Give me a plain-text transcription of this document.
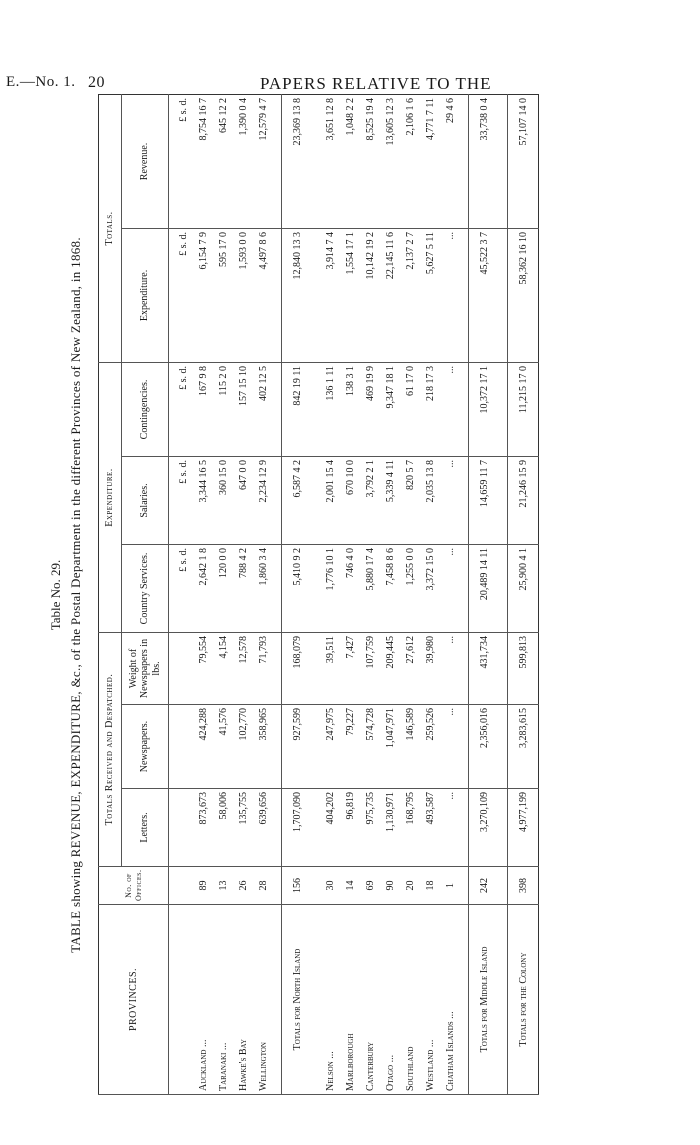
E.—No. 1. 20	PAPERS RELATIVE TO THE
Table No. 29. TABLE showing REVENUE, EXPENDITURE, &c., of the Postal Department in the different Provinces of New Zealand, in 1868.
PROVINCES.	No. of Offices.	Totals Received and Despatched.			Expenditure.			Totals.	
		Letters.	Newspapers.	Weight of Newspapers in lbs.	Country Services.	Salaries.	Contingencies.	Expenditure.	Revenue.
					£ s. d.	£ s. d.	£ s. d.	£ s. d.	£ s. d.
Auckland ...	89	873,673	424,288	79,554	2,642 1 8	3,344 16 5	167 9 8	6,154 7 9	8,754 16 7
Taranaki ...	13	58,006	41,576	4,154	120 0 0	360 15 0	115 2 0	595 17 0	645 12 2
Hawke's Bay	26	135,755	102,770	12,578	788 4 2	647 0 0	157 15 10	1,593 0 0	1,390 0 4
Wellington	28	639,656	358,965	71,793	1,860 3 4	2,234 12 9	402 12 5	4,497 8 6	12,579 4 7

Totals for North Island	156	1,707,090	927,599	168,079	5,410 9 2	6,587 4 2	842 19 11	12,840 13 3	23,369 13 8

Nelson ...	30	404,202	247,975	39,511	1,776 10 1	2,001 15 4	136 1 11	3,914 7 4	3,651 12 8
Marlborough	14	96,819	79,227	7,427	746 4 0	670 10 0	138 3 1	1,554 17 1	1,048 2 2
Canterbury	69	975,735	574,728	107,759	5,880 17 4	3,792 2 1	469 19 9	10,142 19 2	8,525 19 4
Otago ...	90	1,130,971	1,047,971	209,445	7,458 8 6	5,339 4 11	9,347 18 1	22,145 11 6	13,605 12 3
Southland	20	168,795	146,589	27,612	1,255 0 0	820 5 7	61 17 0	2,137 2 7	2,106 1 6
Westland ...	18	493,587	259,526	39,980	3,372 15 0	2,035 13 8	218 17 3	5,627 5 11	4,771 7 11
Chatham Islands ...	1	...	...	...	...	...	...	...	29 4 6

Totals for Middle Island	242	3,270,109	2,356,016	431,734	20,489 14 11	14,659 11 7	10,372 17 1	45,522 3 7	33,738 0 4

Totals for the Colony	398	4,977,199	3,283,615	599,813	25,900 4 1	21,246 15 9	11,215 17 0	58,362 16 10	57,107 14 0
